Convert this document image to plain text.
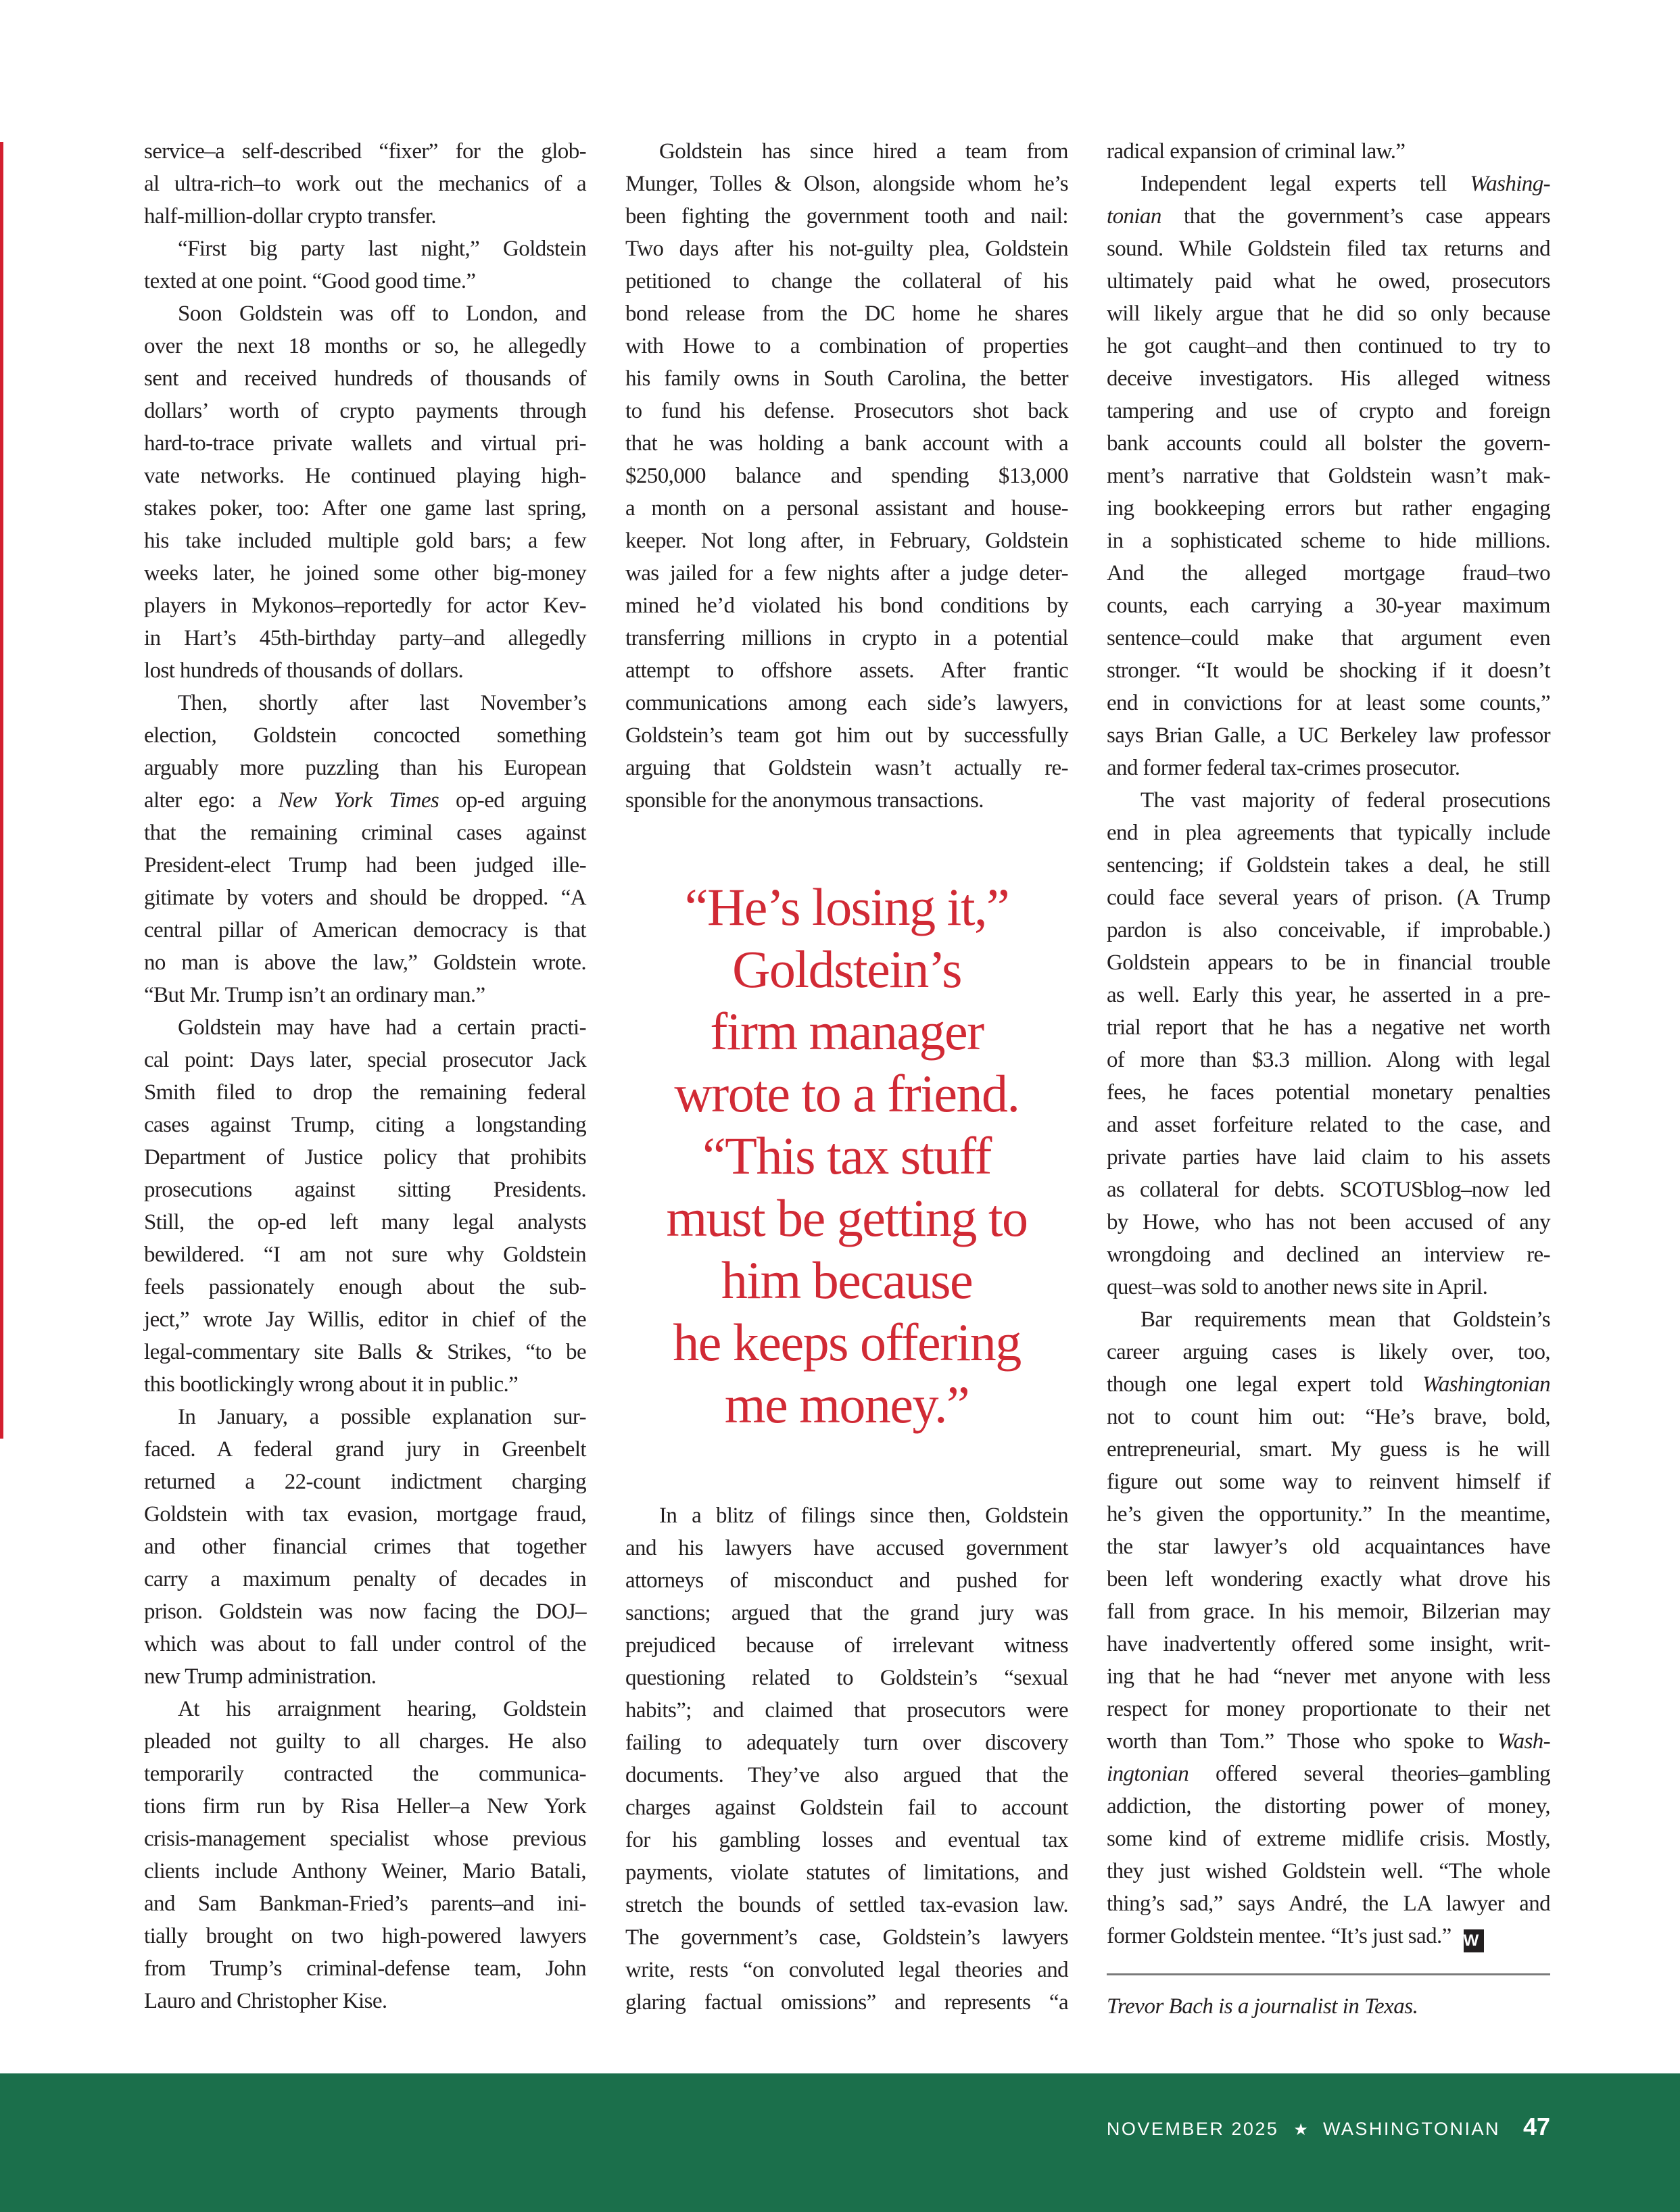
service–a self-described “fixer” for the glob-
al ultra-rich–to work out the mechanics of a
half-million-dollar crypto transfer.
“First big party last night,” Goldstein
texted at one point. “Good good time.”
Soon Goldstein was off to London, and
over the next 18 months or so, he allegedly
sent and received hundreds of thousands of
dollars’ worth of crypto payments through
hard-to-trace private wallets and virtual pri-
vate networks. He continued playing high-
stakes poker, too: After one game last spring,
his take included multiple gold bars; a few
weeks later, he joined some other big-money
players in Mykonos–reportedly for actor Kev-
in Hart’s 45th-birthday party–and allegedly
lost hundreds of thousands of dollars.
Then, shortly after last November’s
election, Goldstein concocted something
arguably more puzzling than his European
alter ego: a New York Times op-ed arguing
that the remaining criminal cases against
President-elect Trump had been judged ille-
gitimate by voters and should be dropped. “A
central pillar of American democracy is that
no man is above the law,” Goldstein wrote.
“But Mr. Trump isn’t an ordinary man.”
Goldstein may have had a certain practi-
cal point: Days later, special prosecutor Jack
Smith filed to drop the remaining federal
cases against Trump, citing a longstanding
Department of Justice policy that prohibits
prosecutions against sitting Presidents.
Still, the op-ed left many legal analysts
bewildered. “I am not sure why Goldstein
feels passionately enough about the sub-
ject,” wrote Jay Willis, editor in chief of the
legal-commentary site Balls & Strikes, “to be
this bootlickingly wrong about it in public.”
In January, a possible explanation sur-
faced. A federal grand jury in Greenbelt
returned a 22-count indictment charging
Goldstein with tax evasion, mortgage fraud,
and other financial crimes that together
carry a maximum penalty of decades in
prison. Goldstein was now facing the DOJ–
which was about to fall under control of the
new Trump administration.
At his arraignment hearing, Goldstein
pleaded not guilty to all charges. He also
temporarily contracted the communica-
tions firm run by Risa Heller–a New York
crisis-management specialist whose previous
clients include Anthony Weiner, Mario Batali,
and Sam Bankman-Fried’s parents–and ini-
tially brought on two high-powered lawyers
from Trump’s criminal-defense team, John
Lauro and Christopher Kise.
Goldstein has since hired a team from
Munger, Tolles & Olson, alongside whom he’s
been fighting the government tooth and nail:
Two days after his not-guilty plea, Goldstein
petitioned to change the collateral of his
bond release from the DC home he shares
with Howe to a combination of properties
his family owns in South Carolina, the better
to fund his defense. Prosecutors shot back
that he was holding a bank account with a
$250,000 balance and spending $13,000
a month on a personal assistant and house-
keeper. Not long after, in February, Goldstein
was jailed for a few nights after a judge deter-
mined he’d violated his bond conditions by
transferring millions in crypto in a potential
attempt to offshore assets. After frantic
communications among each side’s lawyers,
Goldstein’s team got him out by successfully
arguing that Goldstein wasn’t actually re-
sponsible for the anonymous transactions.
“He’s losing it,”
Goldstein’s
firm manager
wrote to a friend.
“This tax stuff
must be getting to
him because
he keeps offering
me money.”
In a blitz of filings since then, Goldstein
and his lawyers have accused government
attorneys of misconduct and pushed for
sanctions; argued that the grand jury was
prejudiced because of irrelevant witness
questioning related to Goldstein’s “sexual
habits”; and claimed that prosecutors were
failing to adequately turn over discovery
documents. They’ve also argued that the
charges against Goldstein fail to account
for his gambling losses and eventual tax
payments, violate statutes of limitations, and
stretch the bounds of settled tax-evasion law.
The government’s case, Goldstein’s lawyers
write, rests “on convoluted legal theories and
glaring factual omissions” and represents “a
radical expansion of criminal law.”
Independent legal experts tell Washing-
tonian that the government’s case appears
sound. While Goldstein filed tax returns and
ultimately paid what he owed, prosecutors
will likely argue that he did so only because
he got caught–and then continued to try to
deceive investigators. His alleged witness
tampering and use of crypto and foreign
bank accounts could all bolster the govern-
ment’s narrative that Goldstein wasn’t mak-
ing bookkeeping errors but rather engaging
in a sophisticated scheme to hide millions.
And the alleged mortgage fraud–two
counts, each carrying a 30-year maximum
sentence–could make that argument even
stronger. “It would be shocking if it doesn’t
end in convictions for at least some counts,”
says Brian Galle, a UC Berkeley law professor
and former federal tax-crimes prosecutor.
The vast majority of federal prosecutions
end in plea agreements that typically include
sentencing; if Goldstein takes a deal, he still
could face several years of prison. (A Trump
pardon is also conceivable, if improbable.)
Goldstein appears to be in financial trouble
as well. Early this year, he asserted in a pre-
trial report that he has a negative net worth
of more than $3.3 million. Along with legal
fees, he faces potential monetary penalties
and asset forfeiture related to the case, and
private parties have laid claim to his assets
as collateral for debts. SCOTUSblog–now led
by Howe, who has not been accused of any
wrongdoing and declined an interview re-
quest–was sold to another news site in April.
Bar requirements mean that Goldstein’s
career arguing cases is likely over, too,
though one legal expert told Washingtonian
not to count him out: “He’s brave, bold,
entrepreneurial, smart. My guess is he will
figure out some way to reinvent himself if
he’s given the opportunity.” In the meantime,
the star lawyer’s old acquaintances have
been left wondering exactly what drove his
fall from grace. In his memoir, Bilzerian may
have inadvertently offered some insight, writ-
ing that he had “never met anyone with less
respect for money proportionate to their net
worth than Tom.” Those who spoke to Wash-
ingtonian offered several theories–gambling
addiction, the distorting power of money,
some kind of extreme midlife crisis. Mostly,
they just wished Goldstein well. “The whole
thing’s sad,” says André, the LA lawyer and
former Goldstein mentee. “It’s just sad.” W
Trevor Bach is a journalist in Texas.
NOVEMBER 2025 ★ WASHINGTONIAN 47
